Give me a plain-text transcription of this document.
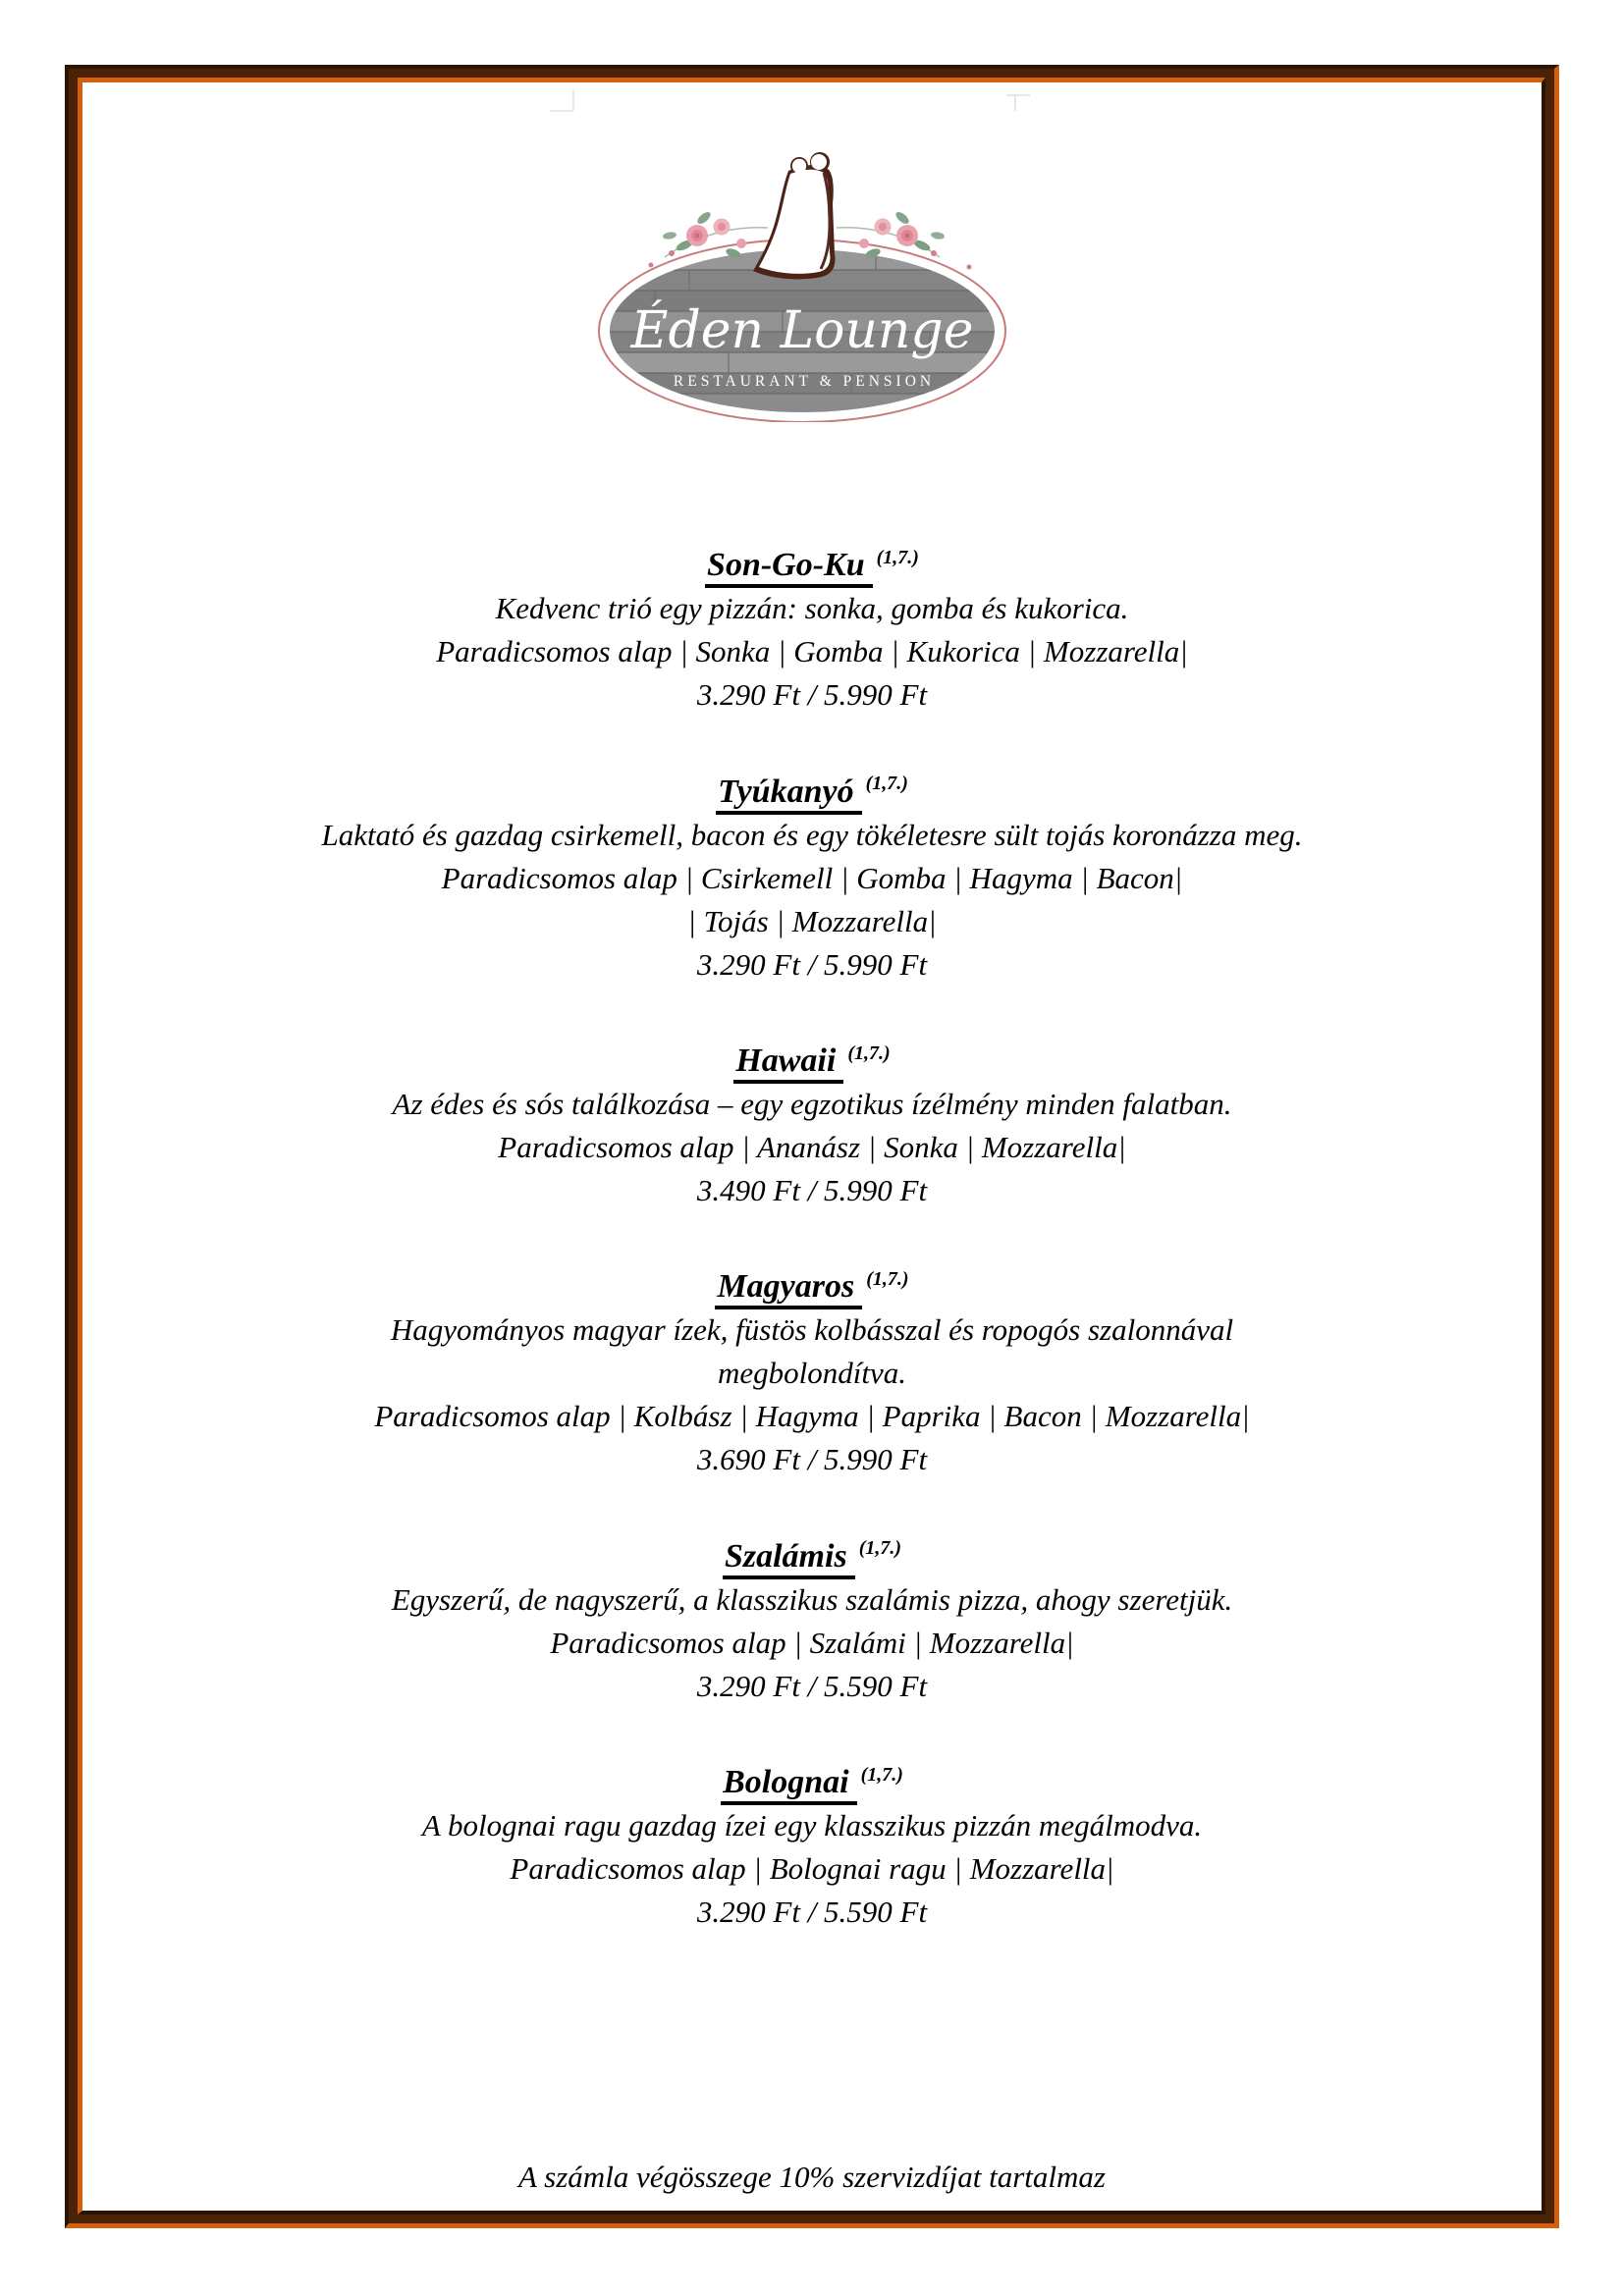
Éden Lounge
RESTAURANT & PENSION
Son-Go-Ku $^{(1,7.)}$
Kedvenc trió egy pizzán: sonka, gomba és kukorica.
Paradicsomos alap | Sonka | Gomba | Kukorica | Mozzarella|
3.290 Ft / 5.990 Ft
Tyúkanyó $^{(1,7.)}$
Laktató és gazdag csirkemell, bacon és egy tökéletesre sült tojás koronázza meg.
Paradicsomos alap | Csirkemell | Gomba | Hagyma | Bacon|
| Tojás | Mozzarella|
3.290 Ft / 5.990 Ft
Hawaii $^{(1,7.)}$
Az édes és sós találkozása – egy egzotikus ízélmény minden falatban.
Paradicsomos alap | Ananász | Sonka | Mozzarella|
3.490 Ft / 5.990 Ft
Magyaros $^{(1,7.)}$
Hagyományos magyar ízek, füstös kolbásszal és ropogós szalonnával
megbolondítva.
Paradicsomos alap | Kolbász | Hagyma | Paprika | Bacon | Mozzarella|
3.690 Ft / 5.990 Ft
Szalámis $^{(1,7.)}$
Egyszerű, de nagyszerű, a klasszikus szalámis pizza, ahogy szeretjük.
Paradicsomos alap | Szalámi | Mozzarella|
3.290 Ft / 5.590 Ft
Bolognai $^{(1,7.)}$
A bolognai ragu gazdag ízei egy klasszikus pizzán megálmodva.
Paradicsomos alap | Bolognai ragu | Mozzarella|
3.290 Ft / 5.590 Ft
A számla végösszege 10% szervizdíjat tartalmaz
